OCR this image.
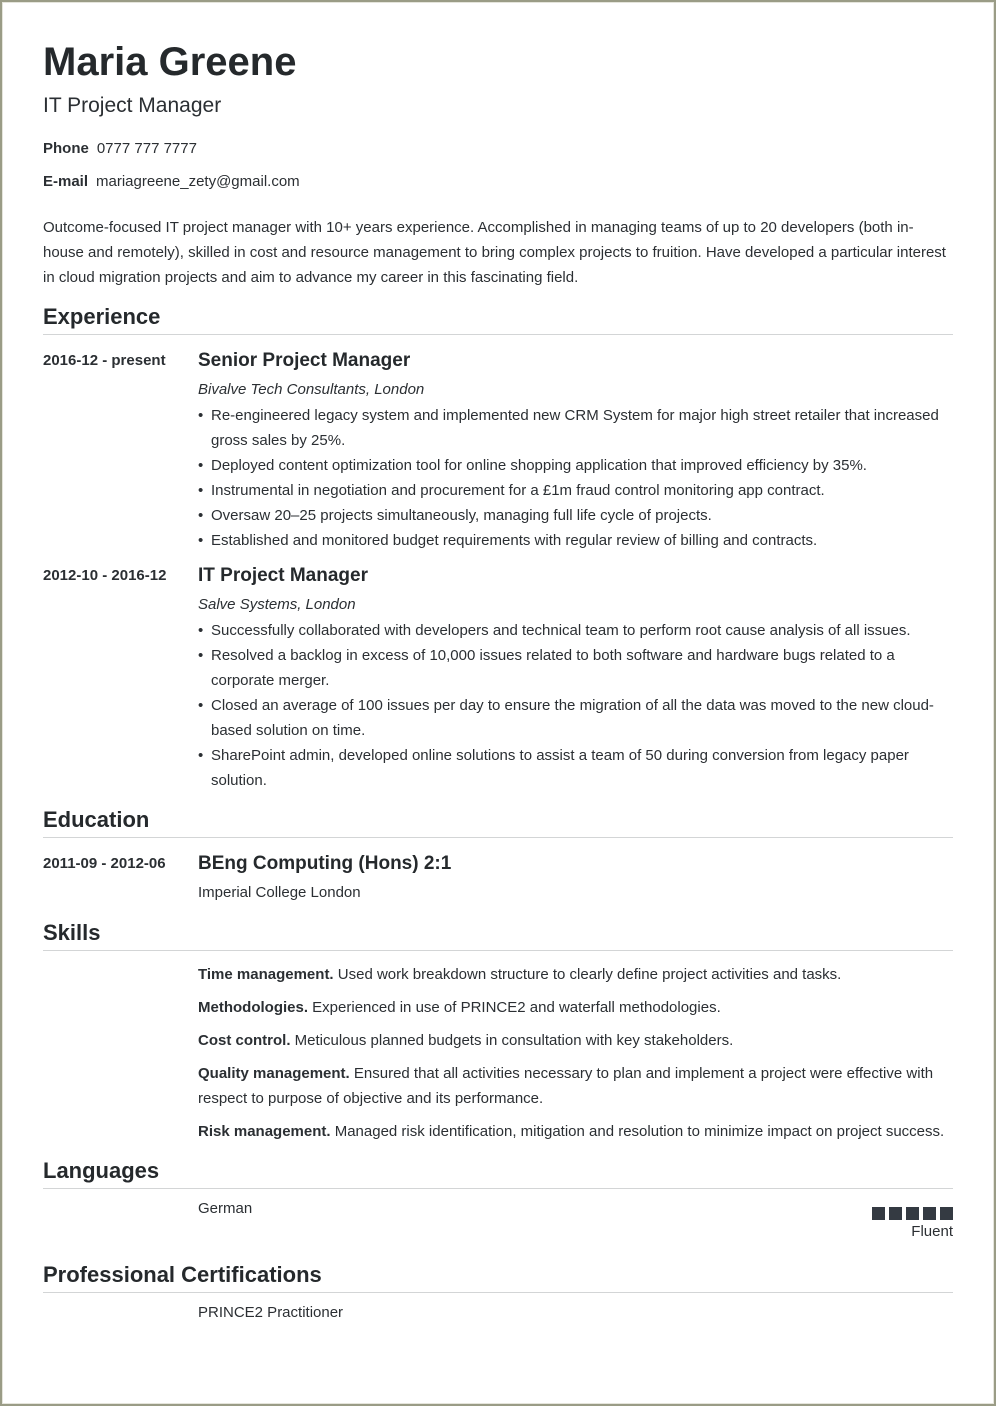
Maria Greene
IT Project Manager
Phone 0777 777 7777
E-mail mariagreene_zety@gmail.com
Outcome-focused IT project manager with 10+ years experience. Accomplished in managing teams of up to 20 developers (both in-house and remotely), skilled in cost and resource management to bring complex projects to fruition. Have developed a particular interest in cloud migration projects and aim to advance my career in this fascinating field.
Experience
2016-12 - present Senior Project Manager
Bivalve Tech Consultants, London
• Re-engineered legacy system and implemented new CRM System for major high street retailer that increased gross sales by 25%.
• Deployed content optimization tool for online shopping application that improved efficiency by 35%.
• Instrumental in negotiation and procurement for a £1m fraud control monitoring app contract.
• Oversaw 20–25 projects simultaneously, managing full life cycle of projects.
• Established and monitored budget requirements with regular review of billing and contracts.
2012-10 - 2016-12 IT Project Manager
Salve Systems, London
• Successfully collaborated with developers and technical team to perform root cause analysis of all issues.
• Resolved a backlog in excess of 10,000 issues related to both software and hardware bugs related to a corporate merger.
• Closed an average of 100 issues per day to ensure the migration of all the data was moved to the new cloud-based solution on time.
• SharePoint admin, developed online solutions to assist a team of 50 during conversion from legacy paper solution.
Education
2011-09 - 2012-06 BEng Computing (Hons) 2:1
Imperial College London
Skills
Time management. Used work breakdown structure to clearly define project activities and tasks.
Methodologies. Experienced in use of PRINCE2 and waterfall methodologies.
Cost control. Meticulous planned budgets in consultation with key stakeholders.
Quality management. Ensured that all activities necessary to plan and implement a project were effective with respect to purpose of objective and its performance.
Risk management. Managed risk identification, mitigation and resolution to minimize impact on project success.
Languages
German
Fluent
Professional Certifications
PRINCE2 Practitioner
